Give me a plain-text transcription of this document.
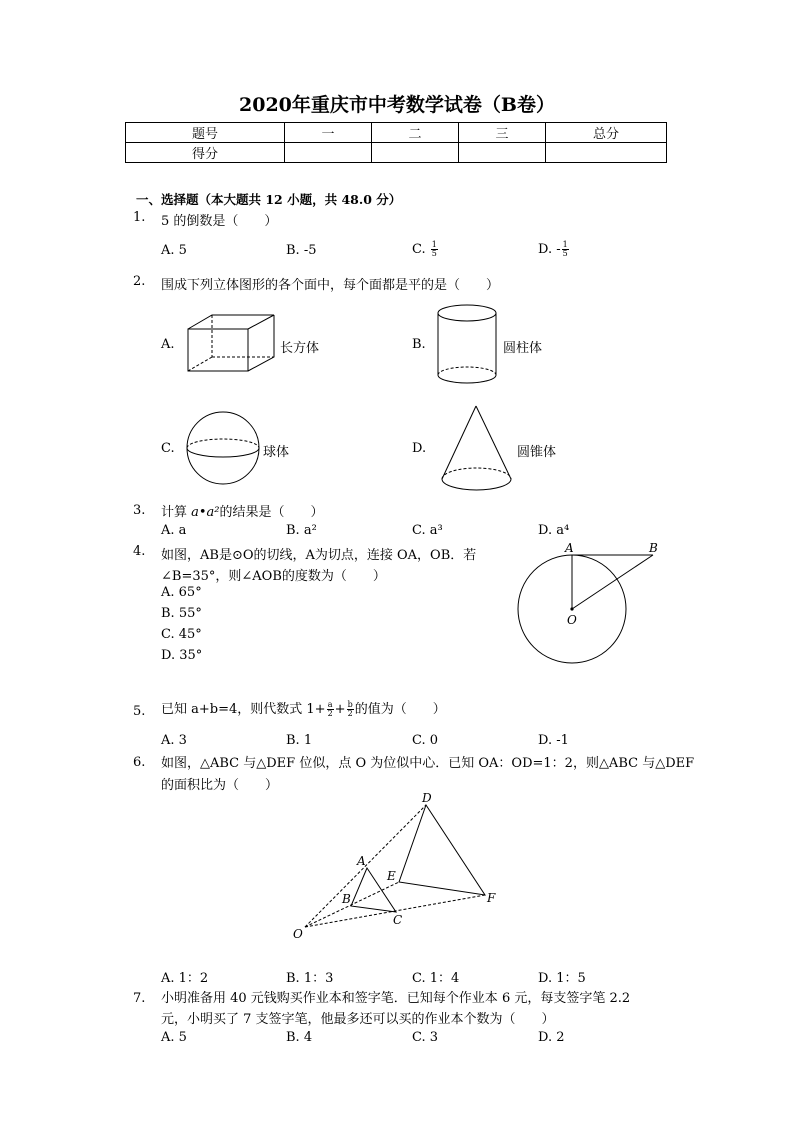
2020年重庆市中考数学试卷（B卷）
题号	一	二	三	总分
得分				
一、选择题（本大题共 12 小题，共 48.0 分）
1. 5 的倒数是（　　）
A. 5	B. -5	C. $\frac{1}{5}$	D. - $\frac{1}{5}$
2. 围成下列立体图形的各个面中，每个面都是平的是（　　）
A.	长方体	B.	圆柱体
C.	球体	D.	圆锥体
3. 计算 a•a²的结果是（　　）
A. a	B. a²	C. a³	D. a⁴
4. 如图，AB是⊙O的切线，A为切点，连接 OA，OB．若
∠B=35°，则∠AOB的度数为（　　）
A. 65°
B. 55°
C. 45°
D. 35°
A	B
O
5. 已知 a+b=4，则代数式 $1+ \frac{a}{2} + \frac{b}{2}$ 的值为（　　）
A. 3	B. 1	C. 0	D. -1
6. 如图，△ABC 与△DEF 位似，点 O 为位似中心．已知 OA：OD=1：2，则△ABC 与△DEF
的面积比为（　　）
D
A
E
B
C
F
O
A. 1：2	B. 1：3	C. 1：4	D. 1：5
7. 小明准备用 40 元钱购买作业本和签字笔．已知每个作业本 6 元，每支签字笔 2.2
元，小明买了 7 支签字笔，他最多还可以买的作业本个数为（　　）
A. 5	B. 4	C. 3	D. 2
